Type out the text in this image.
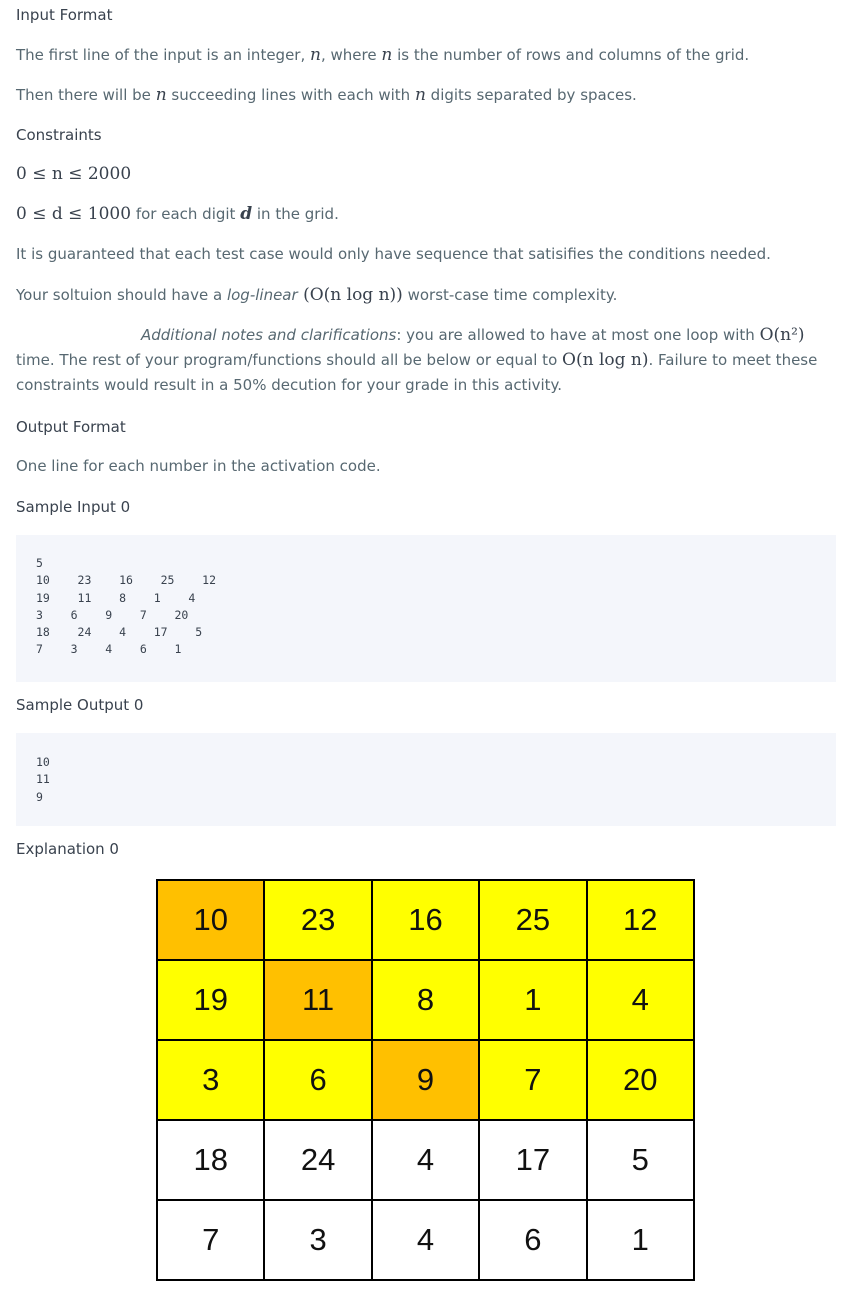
Input Format
The first line of the input is an integer, n, where n is the number of rows and columns of the grid.
Then there will be n succeeding lines with each with n digits separated by spaces.
Constraints
0 ≤ n ≤ 2000
0 ≤ d ≤ 1000 for each digit d in the grid.
It is guaranteed that each test case would only have sequence that satisifies the conditions needed.
Your soltuion should have a log-linear (O(n log n)) worst-case time complexity.
Additional notes and clarifications: you are allowed to have at most one loop with O(n²)
time. The rest of your program/functions should all be below or equal to O(n log n). Failure to meet these
constraints would result in a 50% decution for your grade in this activity.
Output Format
One line for each number in the activation code.
Sample Input 0
5
10    23    16    25    12
19    11    8    1    4
3    6    9    7    20
18    24    4    17    5
7    3    4    6    1
Sample Output 0
10
11
9
Explanation 0
10	23	16	25	12
19	11	8	1	4
3	6	9	7	20
18	24	4	17	5
7	3	4	6	1
